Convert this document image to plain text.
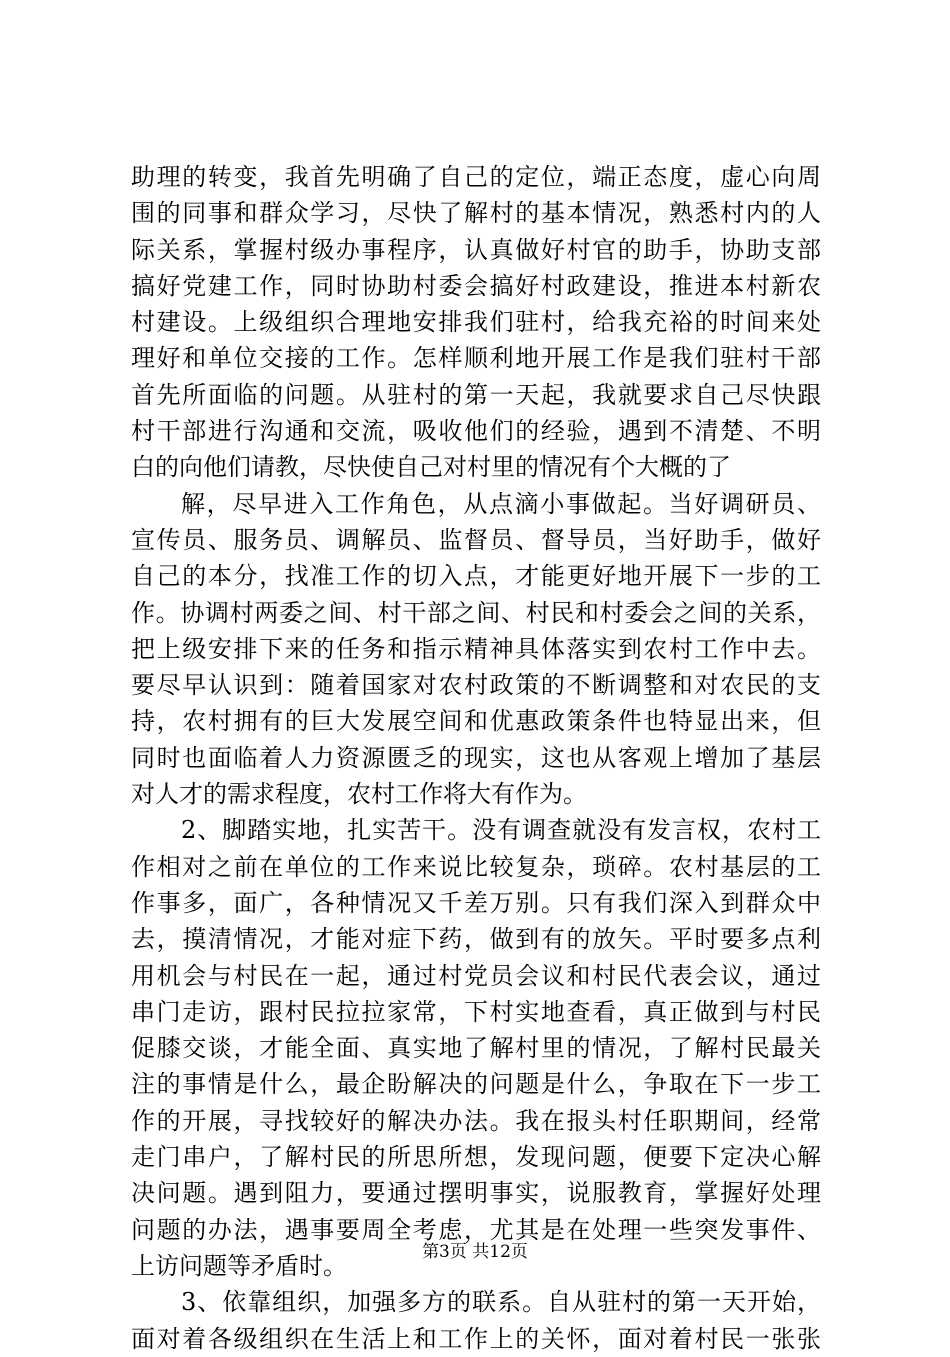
助理的转变，我首先明确了自己的定位，端正态度，虚心向周
围的同事和群众学习，尽快了解村的基本情况，熟悉村内的人
际关系，掌握村级办事程序，认真做好村官的助手，协助支部
搞好党建工作，同时协助村委会搞好村政建设，推进本村新农
村建设。上级组织合理地安排我们驻村，给我充裕的时间来处
理好和单位交接的工作。怎样顺利地开展工作是我们驻村干部
首先所面临的问题。从驻村的第一天起，我就要求自己尽快跟
村干部进行沟通和交流，吸收他们的经验，遇到不清楚、不明
白的向他们请教，尽快使自己对村里的情况有个大概的了
解，尽早进入工作角色，从点滴小事做起。当好调研员、
宣传员、服务员、调解员、监督员、督导员，当好助手，做好
自己的本分，找准工作的切入点，才能更好地开展下一步的工
作。协调村两委之间、村干部之间、村民和村委会之间的关系，
把上级安排下来的任务和指示精神具体落实到农村工作中去。
要尽早认识到：随着国家对农村政策的不断调整和对农民的支
持，农村拥有的巨大发展空间和优惠政策条件也特显出来，但
同时也面临着人力资源匮乏的现实，这也从客观上增加了基层
对人才的需求程度，农村工作将大有作为。
2、脚踏实地，扎实苦干。没有调查就没有发言权，农村工
作相对之前在单位的工作来说比较复杂，琐碎。农村基层的工
作事多，面广，各种情况又千差万别。只有我们深入到群众中
去，摸清情况，才能对症下药，做到有的放矢。平时要多点利
用机会与村民在一起，通过村党员会议和村民代表会议，通过
串门走访，跟村民拉拉家常，下村实地查看，真正做到与村民
促膝交谈，才能全面、真实地了解村里的情况，了解村民最关
注的事情是什么，最企盼解决的问题是什么，争取在下一步工
作的开展，寻找较好的解决办法。我在报头村任职期间，经常
走门串户，了解村民的所思所想，发现问题，便要下定决心解
决问题。遇到阻力，要通过摆明事实，说服教育，掌握好处理
问题的办法，遇事要周全考虑，尤其是在处理一些突发事件、
上访问题等矛盾时。
3、依靠组织，加强多方的联系。自从驻村的第一天开始，
面对着各级组织在生活上和工作上的关怀，面对着村民一张张
第3页 共12页
